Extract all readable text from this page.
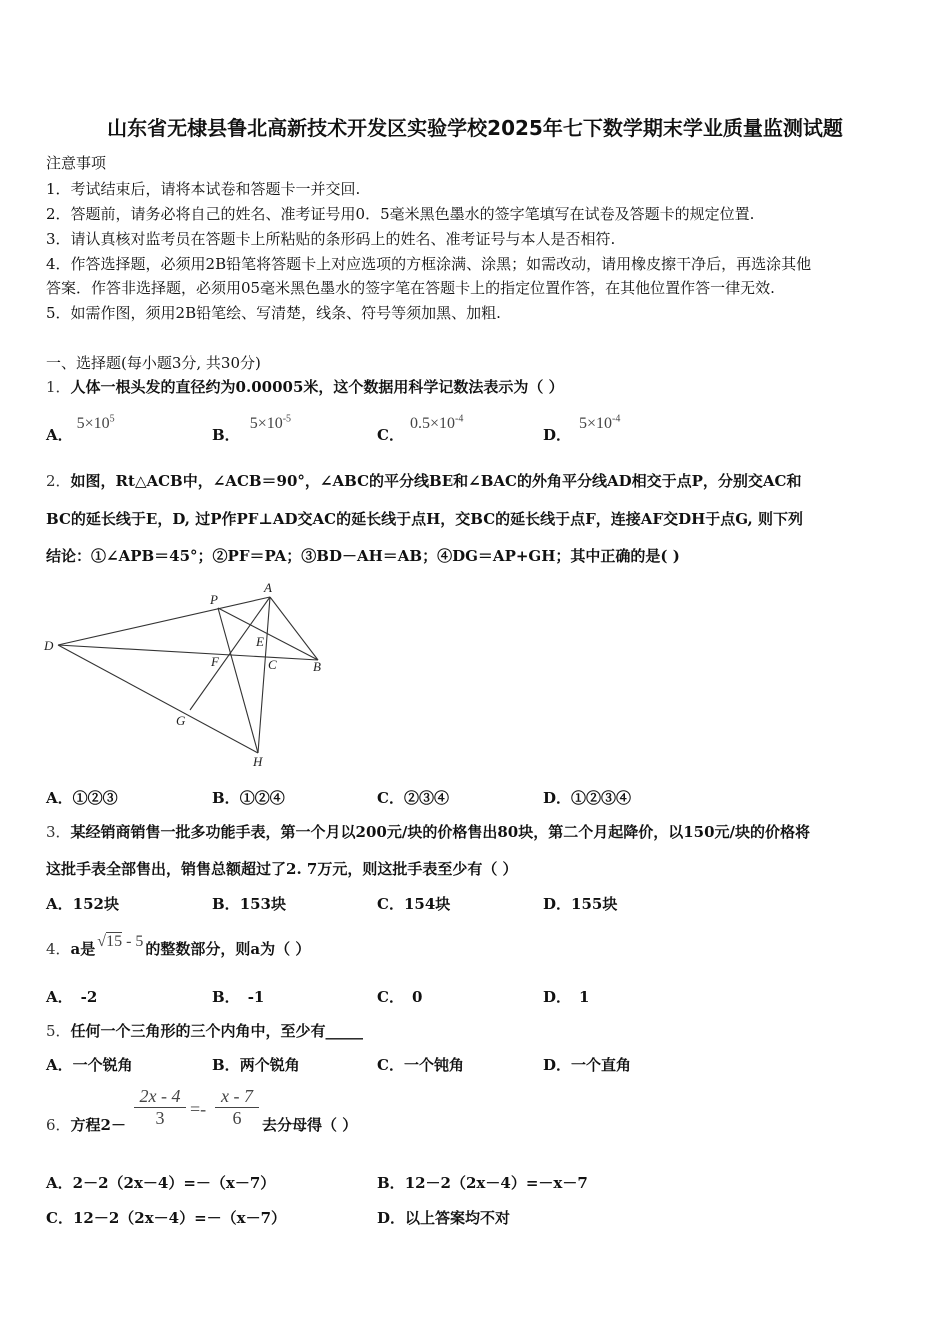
山东省无棣县鲁北高新技术开发区实验学校2025年七下数学期末学业质量监测试题
注意事项
1．考试结束后，请将本试卷和答题卡一并交回.
2．答题前，请务必将自己的姓名、准考证号用0．5毫米黑色墨水的签字笔填写在试卷及答题卡的规定位置.
3．请认真核对监考员在答题卡上所粘贴的条形码上的姓名、准考证号与本人是否相符.
4．作答选择题，必须用2B铅笔将答题卡上对应选项的方框涂满、涂黑；如需改动，请用橡皮擦干净后，再选涂其他
答案．作答非选择题，必须用05毫米黑色墨水的签字笔在答题卡上的指定位置作答，在其他位置作答一律无效.
5．如需作图，须用2B铅笔绘、写清楚，线条、符号等须加黑、加粗.
一、选择题(每小题3分, 共30分)
1．人体一根头发的直径约为0.00005米，这个数据用科学记数法表示为（ ）
A．$5\times 10^5$
B．$5\times 10^{-5}$
C．$0.5\times 10^{-4}$
D．$5\times 10^{-4}$
2．如图，Rt△ACB中，∠ACB＝90°，∠ABC的平分线BE和∠BAC的外角平分线AD相交于点P，分别交AC和
BC的延长线于E，D, 过P作PF⊥AD交AC的延长线于点H，交BC的延长线于点F，连接AF交DH于点G, 则下列
结论：①∠APB＝45°；②PF＝PA；③BD－AH＝AB；④DG＝AP+GH；其中正确的是( )
P
A
D	E
F	C	B
G
H
A．①②③	B．①②④	C．②③④	D．①②③④
3．某经销商销售一批多功能手表，第一个月以200元/块的价格售出80块，第二个月起降价，以150元/块的价格将
这批手表全部售出，销售总额超过了2. 7万元，则这批手表至少有（ ）
A．152块	B．153块	C．154块	D．155块
4．a是 √15 - 5 的整数部分，则a为（ ）
A． -2	B． -1	C． 0	D． 1
5．任何一个三角形的三个内角中，至少有_____
A．一个锐角	B．两个锐角	C．一个钝角	D．一个直角
6．方程$2- \frac{2x - 4}{3} =- \frac{x - 7}{6}$ 去分母得（ ）
A．2－2（2x－4）=－（x－7）	B．12－2（2x－4）=－x－7
C．12－2（2x－4）=－（x－7）	D．以上答案均不对
